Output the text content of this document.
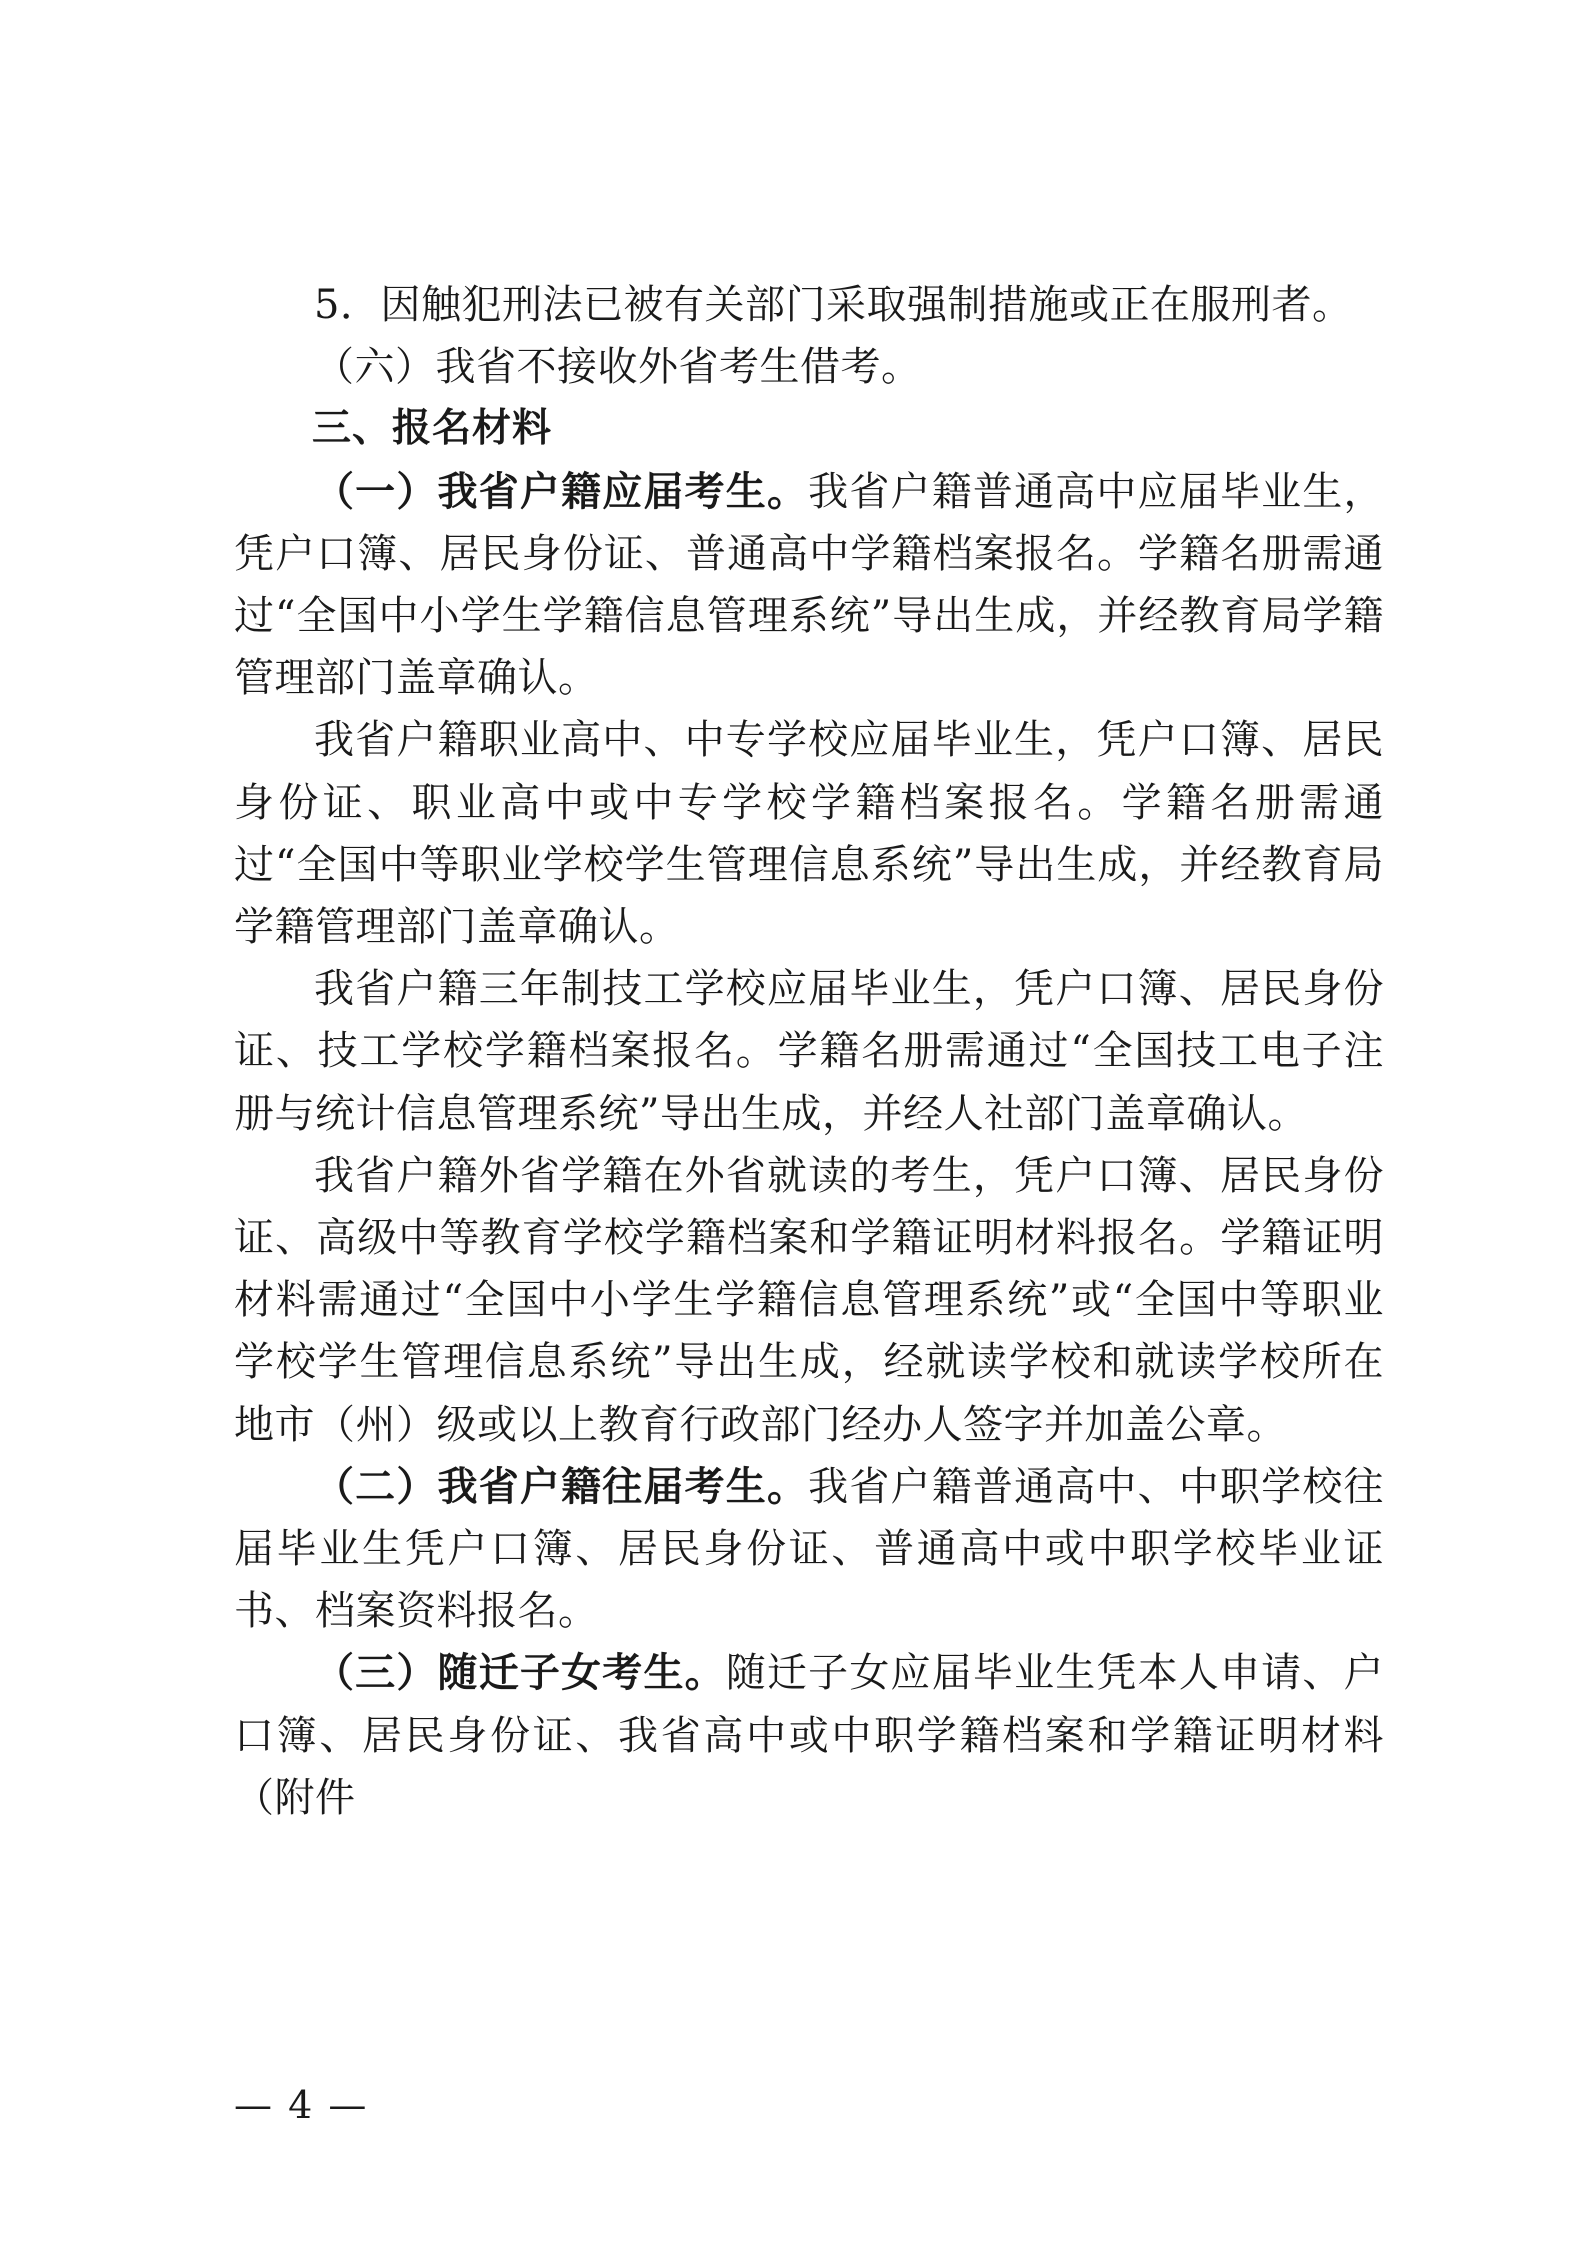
5．因触犯刑法已被有关部门采取强制措施或正在服刑者。

（六）我省不接收外省考生借考。

三、报名材料

（一）我省户籍应届考生。我省户籍普通高中应届毕业生，凭户口簿、居民身份证、普通高中学籍档案报名。学籍名册需通过“全国中小学生学籍信息管理系统”导出生成，并经教育局学籍管理部门盖章确认。

我省户籍职业高中、中专学校应届毕业生，凭户口簿、居民身份证、职业高中或中专学校学籍档案报名。学籍名册需通过“全国中等职业学校学生管理信息系统”导出生成，并经教育局学籍管理部门盖章确认。

我省户籍三年制技工学校应届毕业生，凭户口簿、居民身份证、技工学校学籍档案报名。学籍名册需通过“全国技工电子注册与统计信息管理系统”导出生成，并经人社部门盖章确认。

我省户籍外省学籍在外省就读的考生，凭户口簿、居民身份证、高级中等教育学校学籍档案和学籍证明材料报名。学籍证明材料需通过“全国中小学生学籍信息管理系统”或“全国中等职业学校学生管理信息系统”导出生成，经就读学校和就读学校所在地市（州）级或以上教育行政部门经办人签字并加盖公章。

（二）我省户籍往届考生。我省户籍普通高中、中职学校往届毕业生凭户口簿、居民身份证、普通高中或中职学校毕业证书、档案资料报名。

（三）随迁子女考生。随迁子女应届毕业生凭本人申请、户口簿、居民身份证、我省高中或中职学籍档案和学籍证明材料（附件

— 4 —
